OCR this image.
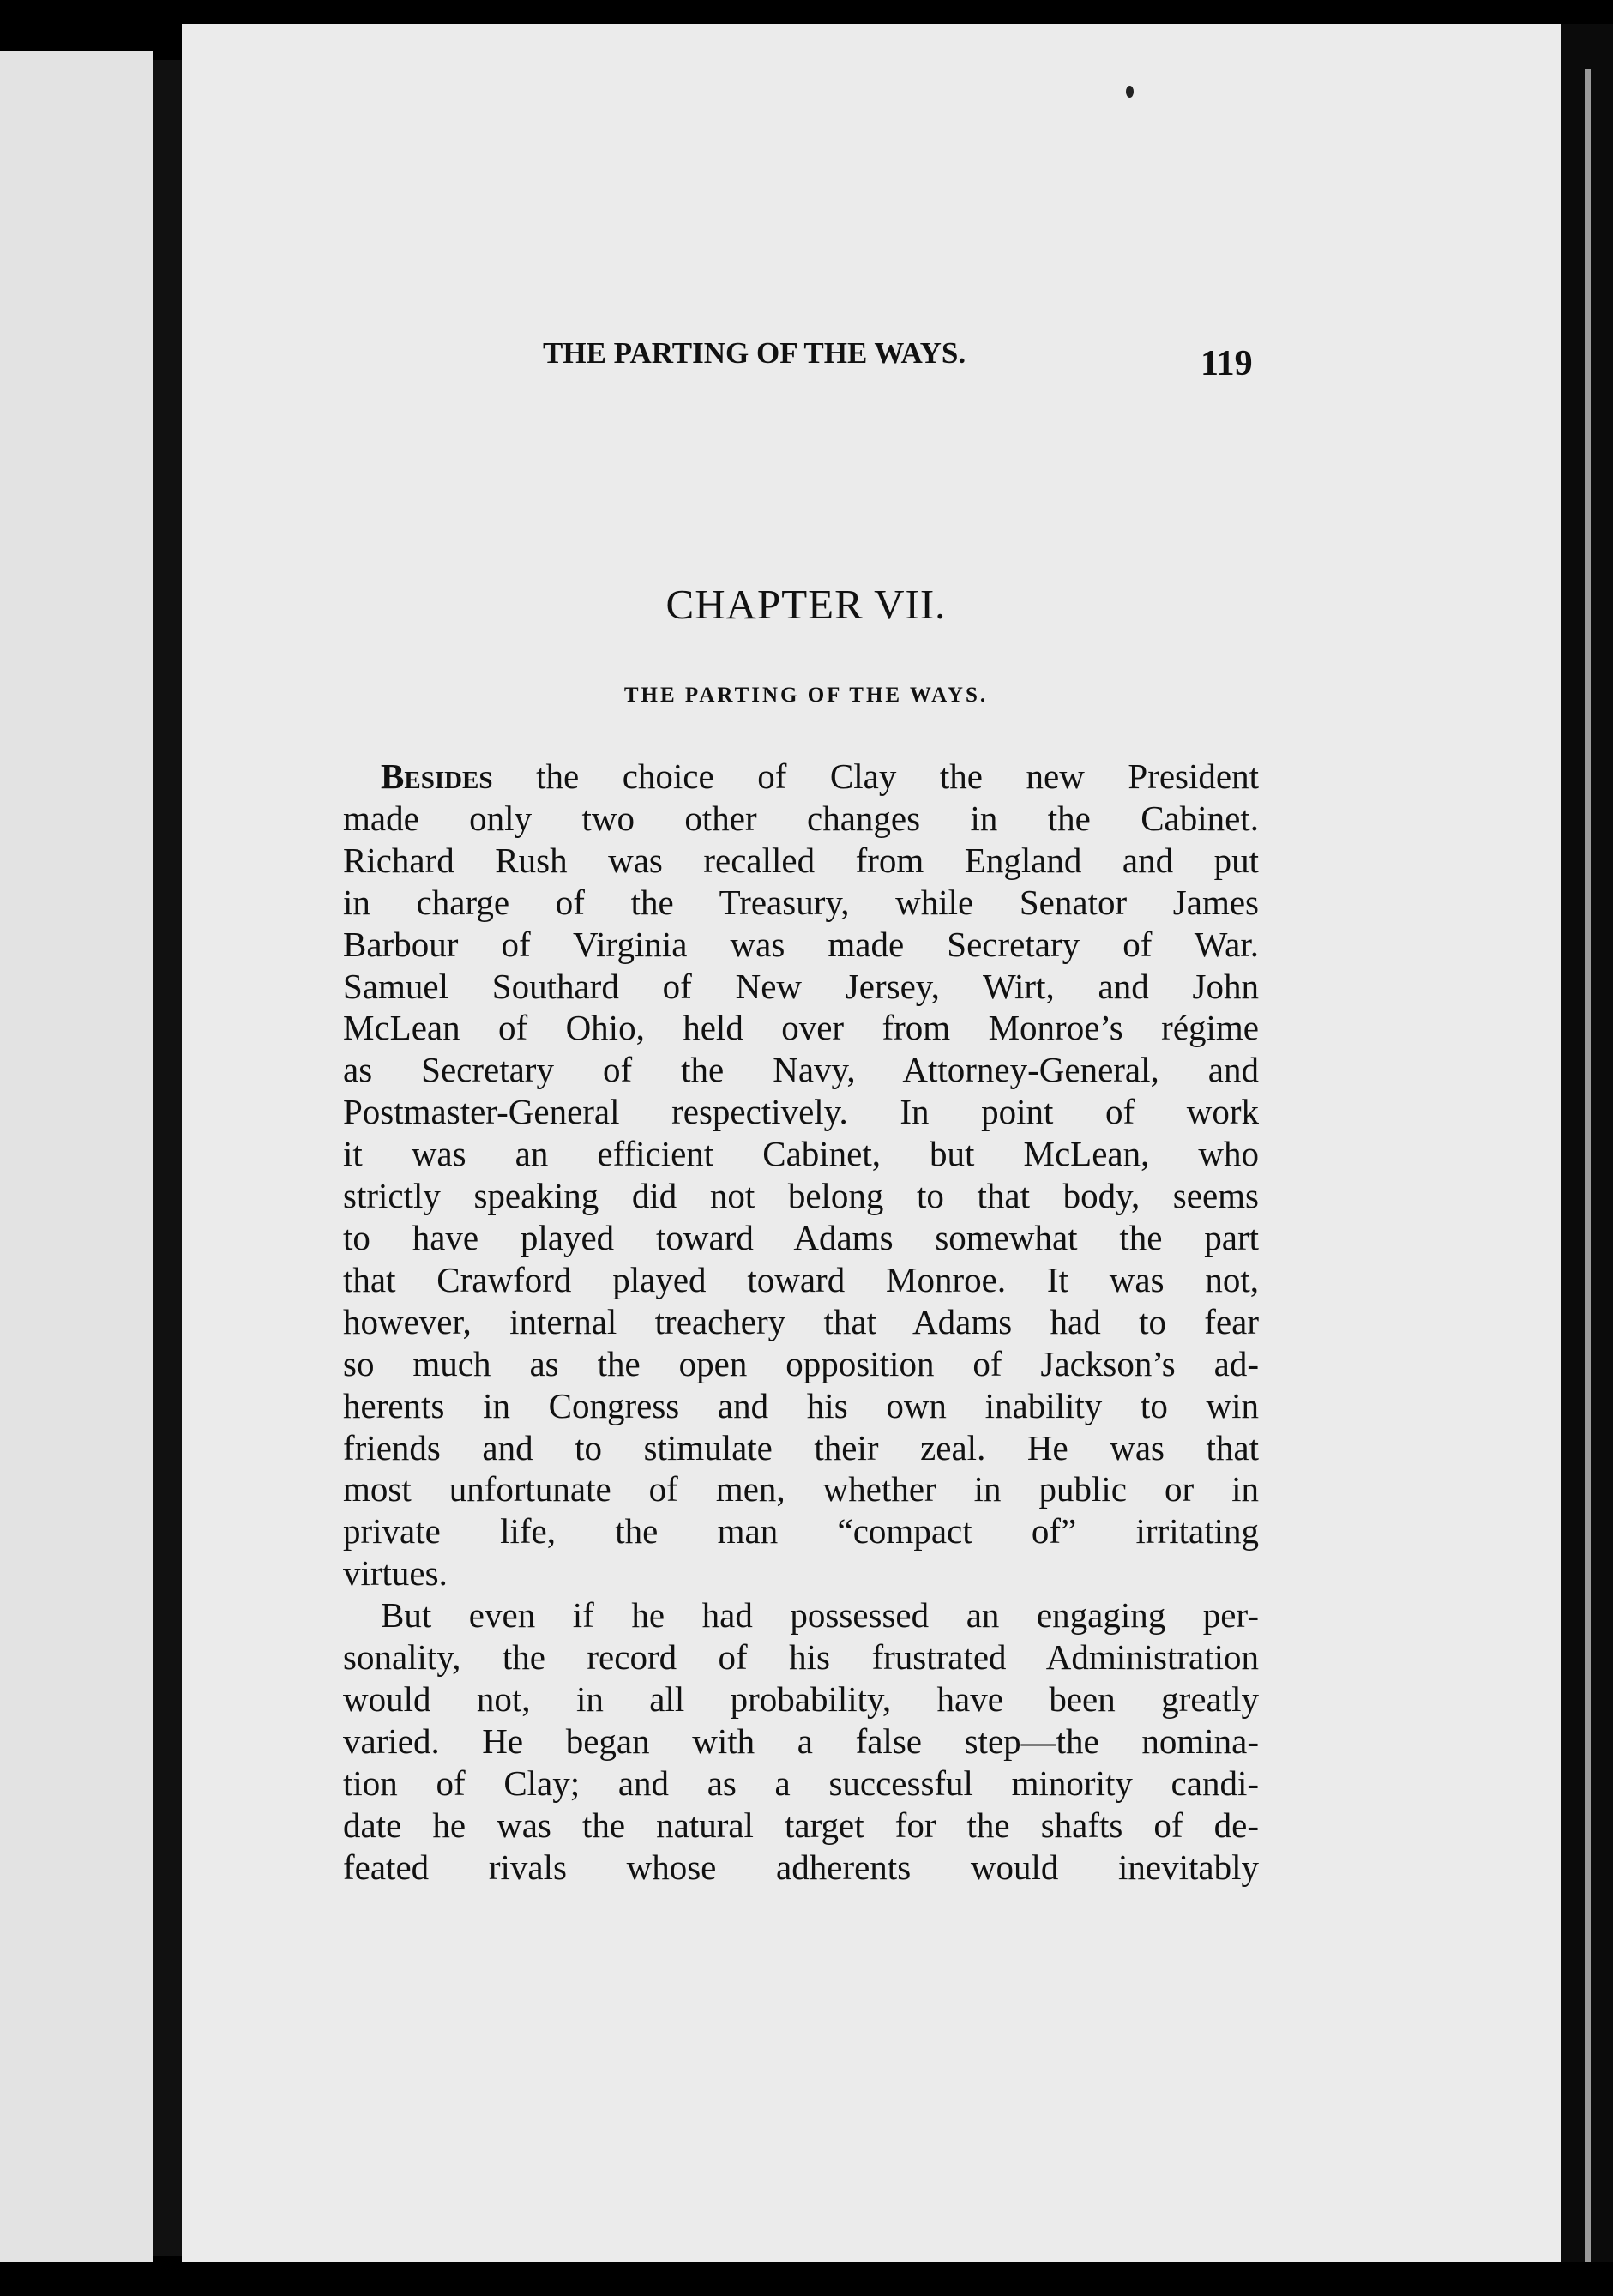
THE PARTING OF THE WAYS.	119
CHAPTER VII.
THE PARTING OF THE WAYS.
Besides the choice of Clay the new President
made only two other changes in the Cabinet.
Richard Rush was recalled from England and put
in charge of the Treasury, while Senator James
Barbour of Virginia was made Secretary of War.
Samuel Southard of New Jersey, Wirt, and John
McLean of Ohio, held over from Monroe’s régime
as Secretary of the Navy, Attorney-General, and
Postmaster-General respectively. In point of work
it was an efficient Cabinet, but McLean, who
strictly speaking did not belong to that body, seems
to have played toward Adams somewhat the part
that Crawford played toward Monroe. It was not,
however, internal treachery that Adams had to fear
so much as the open opposition of Jackson’s ad-
herents in Congress and his own inability to win
friends and to stimulate their zeal. He was that
most unfortunate of men, whether in public or in
private life, the man “compact of” irritating
virtues.
But even if he had possessed an engaging per-
sonality, the record of his frustrated Administration
would not, in all probability, have been greatly
varied. He began with a false step—the nomina-
tion of Clay; and as a successful minority candi-
date he was the natural target for the shafts of de-
feated rivals whose adherents would inevitably
